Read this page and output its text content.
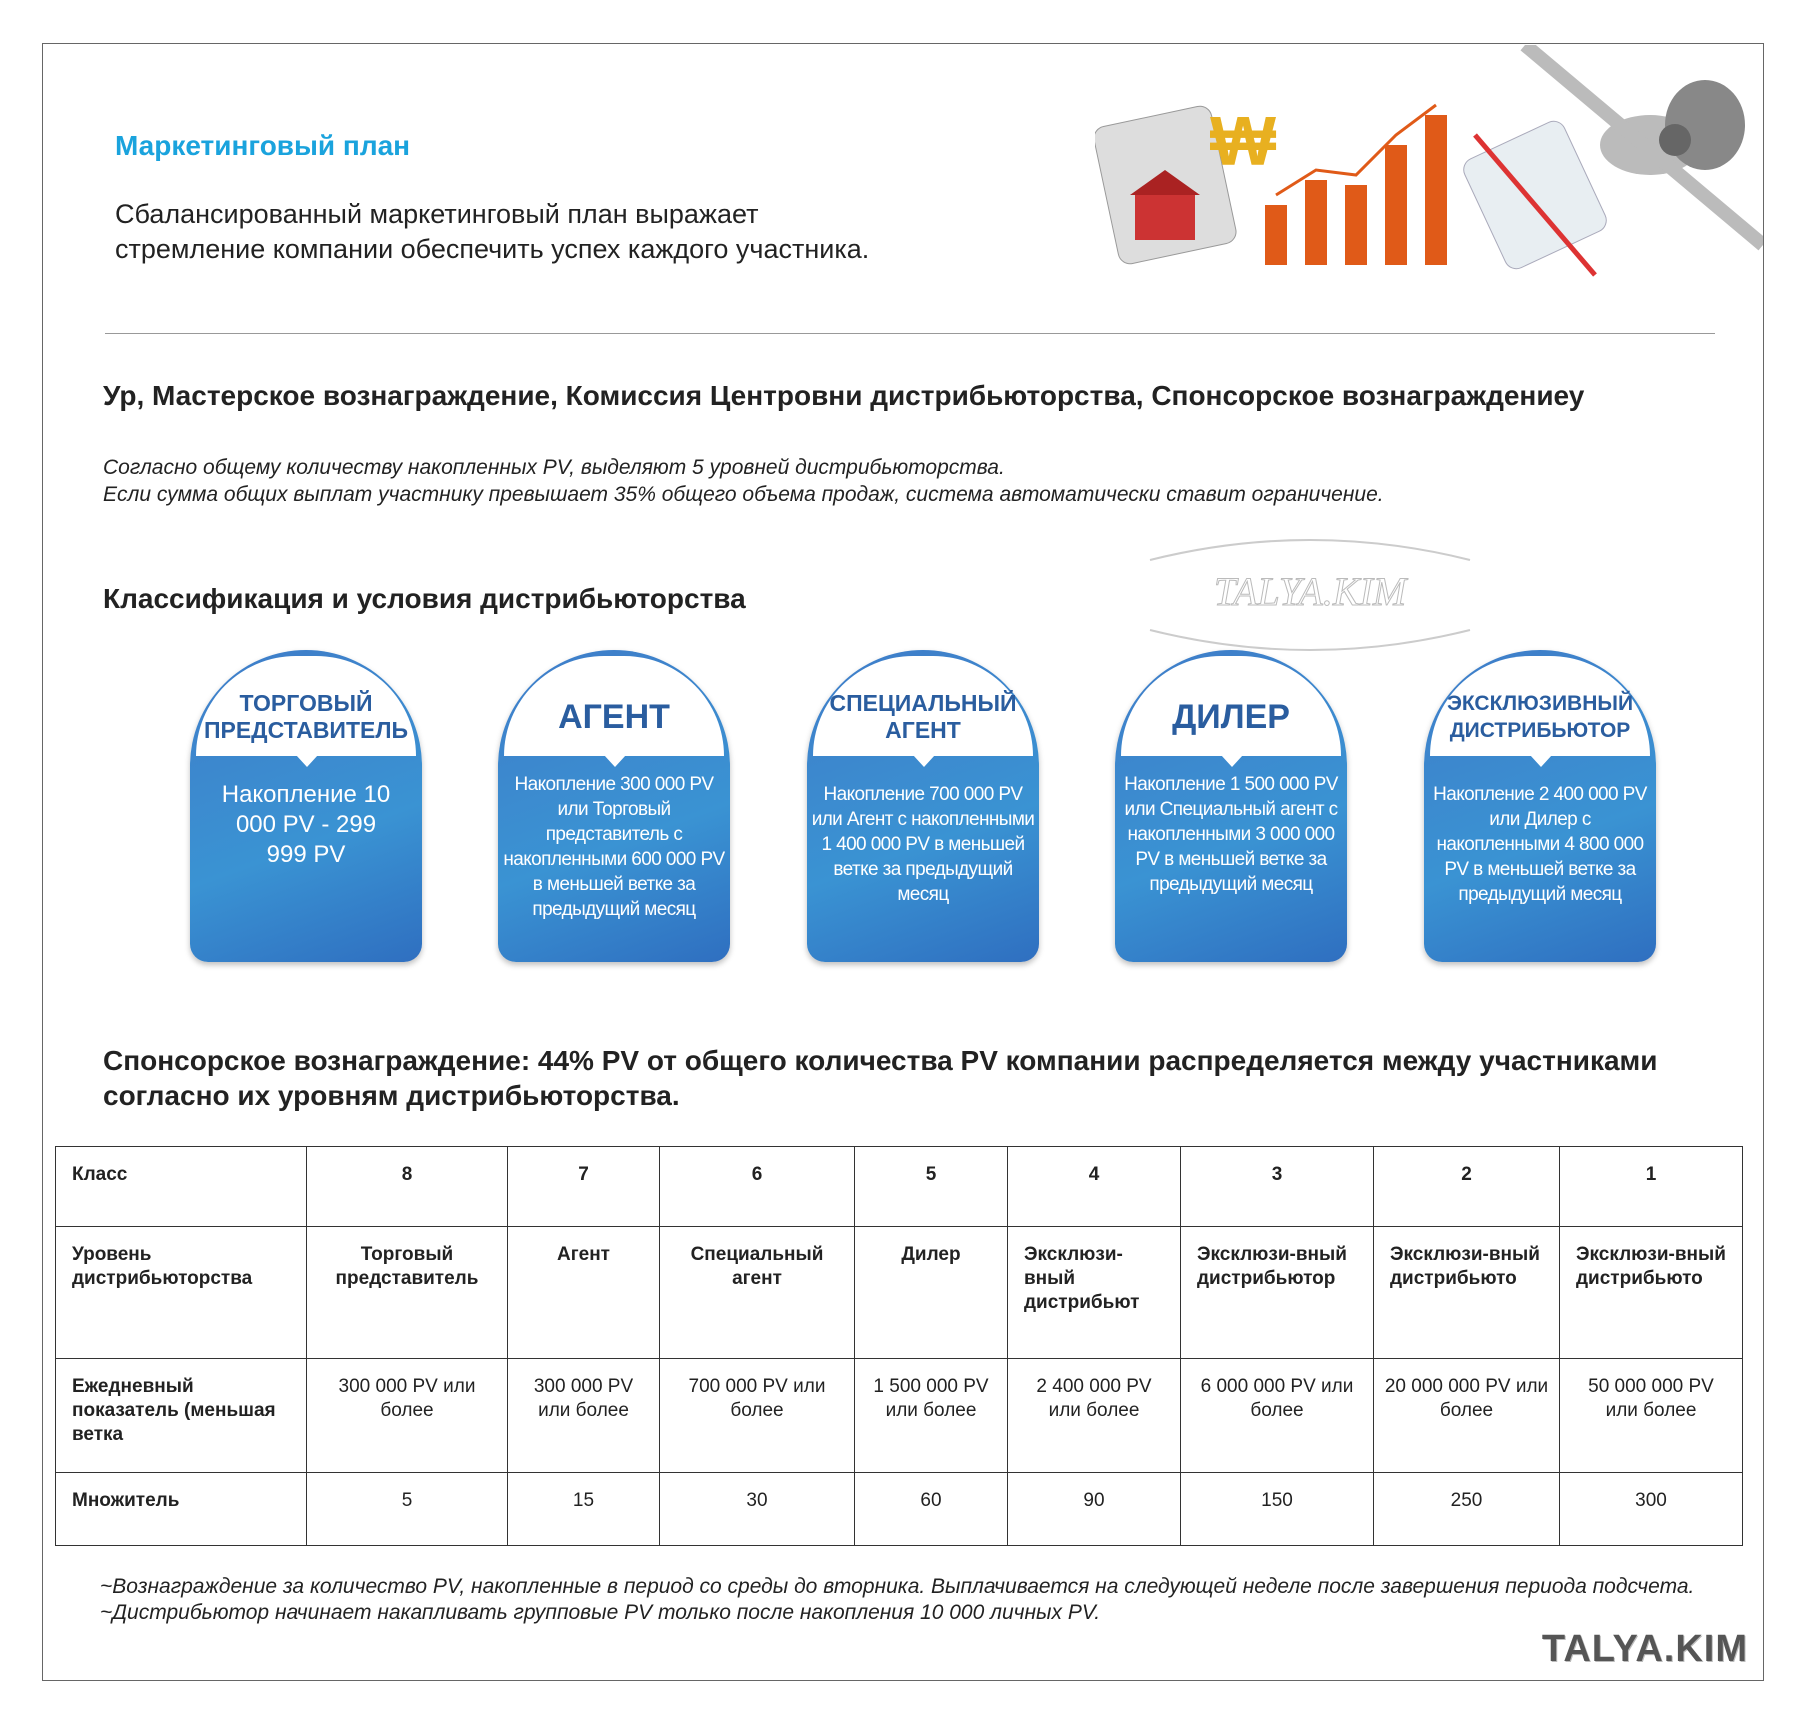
Маркетинговый план
Сбалансированный маркетинговый план выражает стремление компании обеспечить успех каждого участника.
₩
Ур, Мастерское вознаграждение, Комиссия Центровни дистрибьюторства, Спонсорское вознаграждениеу
Согласно общему количеству накопленных PV, выделяют 5 уровней дистрибьюторства.
Если сумма общих выплат участнику превышает 35% общего объема продаж, система автоматически ставит ограничение.
Классификация и условия дистрибьюторства	TALYA.KIM
ТОРГОВЫЙ ПРЕДСТАВИТЕЛЬ
Накопление 10 000 PV - 299 999 PV
АГЕНТ
Накопление 300 000 PV или Торговый представитель с накопленными 600 000 PV в меньшей ветке за предыдущий месяц
СПЕЦИАЛЬНЫЙ АГЕНТ
Накопление 700 000 PV или Агент с накопленными 1 400 000 PV в меньшей ветке за предыдущий месяц
ДИЛЕР
Накопление 1 500 000 PV или Специальный агент с накопленными 3 000 000 PV в меньшей ветке за предыдущий месяц
ЭКСКЛЮЗИВНЫЙ ДИСТРИБЬЮТОР
Накопление 2 400 000 PV или Дилер с накопленными 4 800 000 PV в меньшей ветке за предыдущий месяц
Спонсорское вознаграждение: 44% PV от общего количества PV компании распределяется между участниками согласно их уровням дистрибьюторства.
Класс	8	7	6	5	4	3	2	1
Уровень дистрибьюторства	Торговый представитель	Агент	Специальный агент	Дилер	Эксклюзи-вный дистрибьют	Эксклюзи-вный дистрибьютор	Эксклюзи-вный дистрибьюто	Эксклюзи-вный дистрибьюто
Ежедневный показатель (меньшая ветка	300 000 PV или более	300 000 PV или более	700 000 PV или более	1 500 000 PV или более	2 400 000 PV или более	6 000 000 PV или более	20 000 000 PV или более	50 000 000 PV или более
Множитель	5	15	30	60	90	150	250	300
~Вознаграждение за количество PV, накопленные в период со среды до вторника. Выплачивается на следующей неделе после завершения периода подсчета.
~Дистрибьютор начинает накапливать групповые PV только после накопления 10 000 личных PV.
TALYA.KIM
